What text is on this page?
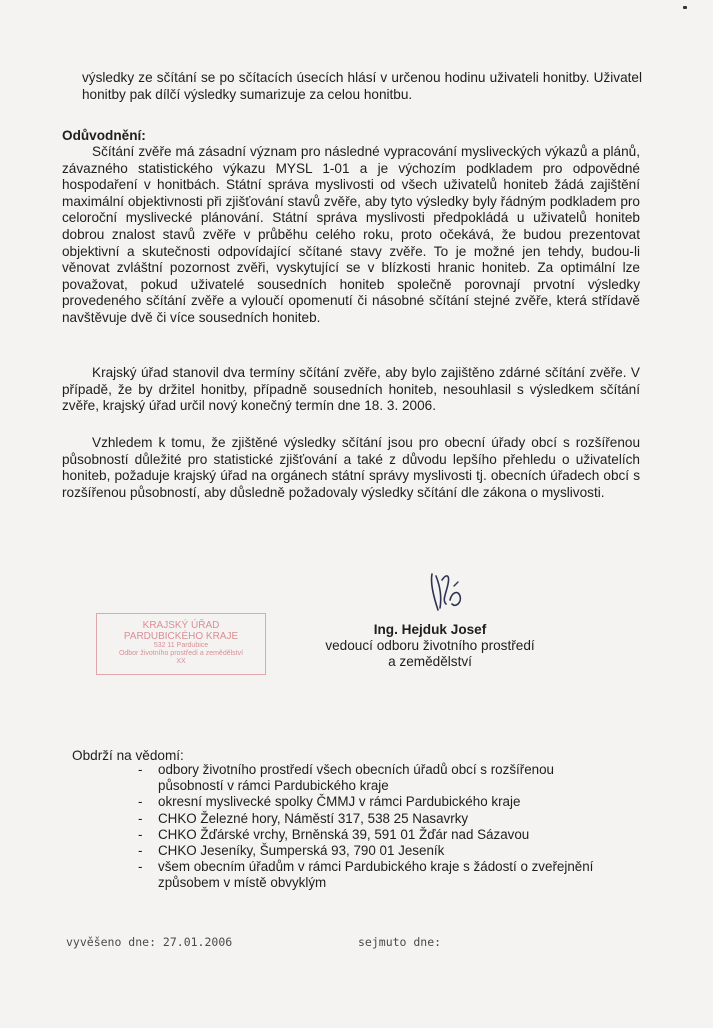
výsledky ze sčítání se po sčítacích úsecích hlásí v určenou hodinu uživateli honitby. Uživatel honitby pak dílčí výsledky sumarizuje za celou honitbu.

Odůvodnění:

Sčítání zvěře má zásadní význam pro následné vypracování mysliveckých výkazů a plánů, závazného statistického výkazu MYSL 1-01 a je výchozím podkladem pro odpovědné hospodaření v honitbách. Státní správa myslivosti od všech uživatelů honiteb žádá zajištění maximální objektivnosti při zjišťování stavů zvěře, aby tyto výsledky byly řádným podkladem pro celoroční myslivecké plánování. Státní správa myslivosti předpokládá u uživatelů honiteb dobrou znalost stavů zvěře v průběhu celého roku, proto očekává, že budou prezentovat objektivní a skutečnosti odpovídající sčítané stavy zvěře. To je možné jen tehdy, budou-li věnovat zvláštní pozornost zvěři, vyskytující se v blízkosti hranic honiteb. Za optimální lze považovat, pokud uživatelé sousedních honiteb společně porovnají prvotní výsledky provedeného sčítání zvěře a vyloučí opomenutí či násobné sčítání stejné zvěře, která střídavě navštěvuje dvě či více sousedních honiteb.

Krajský úřad stanovil dva termíny sčítání zvěře, aby bylo zajištěno zdárné sčítání zvěře. V případě, že by držitel honitby, případně sousedních honiteb, nesouhlasil s výsledkem sčítání zvěře, krajský úřad určil nový konečný termín dne 18. 3. 2006.

Vzhledem k tomu, že zjištěné výsledky sčítání jsou pro obecní úřady obcí s rozšířenou působností důležité pro statistické zjišťování a také z důvodu lepšího přehledu o uživatelích honiteb, požaduje krajský úřad na orgánech státní správy myslivosti tj. obecních úřadech obcí s rozšířenou působností, aby důsledně požadovaly výsledky sčítání dle zákona o myslivosti.

KRAJSKÝ ÚŘAD
PARDUBICKÉHO KRAJE
532 11 Pardubice
Odbor životního prostředí a zemědělství
XX
Ing. Hejduk Josef
vedoucí odboru životního prostředí
a zemědělství

Obdrží na vědomí:

- odbory životního prostředí všech obecních úřadů obcí s rozšířenou působností v rámci Pardubického kraje
- okresní myslivecké spolky ČMMJ v rámci Pardubického kraje
- CHKO Železné hory, Náměstí 317, 538 25 Nasavrky
- CHKO Žďárské vrchy, Brněnská 39, 591 01 Žďár nad Sázavou
- CHKO Jeseníky, Šumperská 93, 790 01 Jeseník
- všem obecním úřadům v rámci Pardubického kraje s žádostí o zveřejnění způsobem v místě obvyklým

vyvěšeno dne: 27.01.2006	sejmuto dne:
